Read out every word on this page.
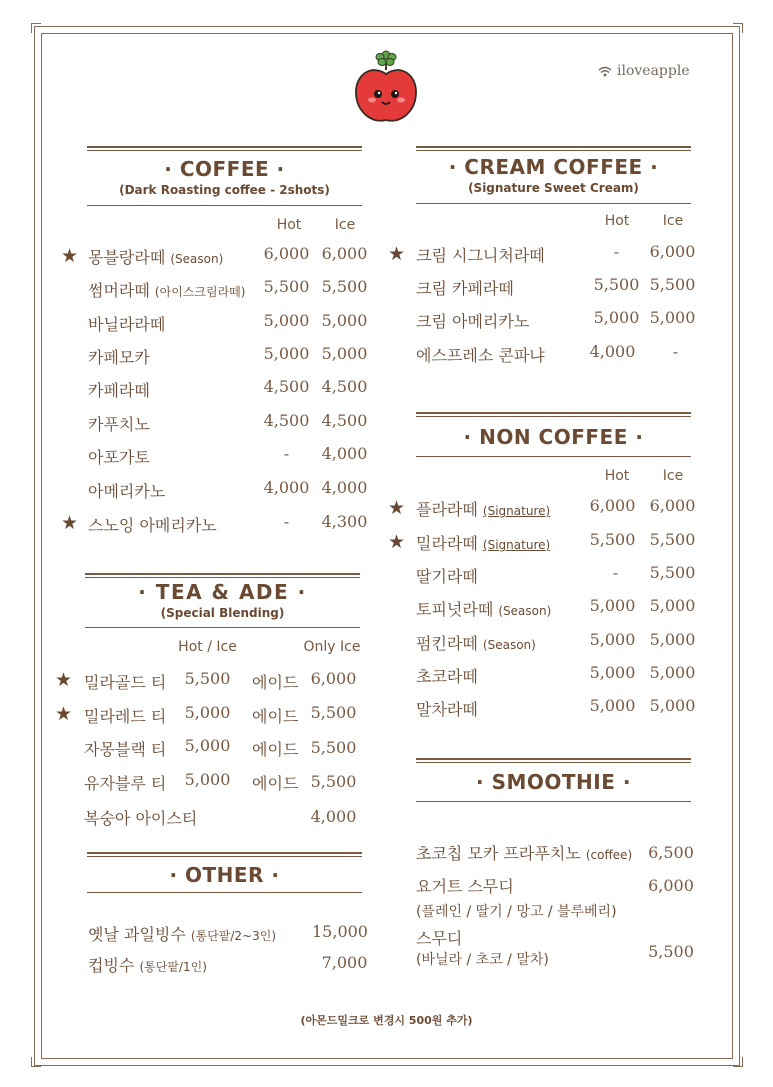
iloveapple
· COFFEE ·
(Dark Roasting coffee - 2shots)
Hot	Ice
★ 몽블랑라떼 (Season)	6,000 6,000
썸머라떼 (아이스크림라떼) 5,500 5,500
바닐라라떼	5,000 5,000
카페모카	5,000 5,000
카페라떼	4,500 4,500
카푸치노	4,500 4,500
아포가토	-	4,000
아메리카노	4,000 4,000
★ 스노잉 아메리카노	-	4,300
· TEA & ADE ·
(Special Blending)
Hot / Ice	Only Ice
★ 밀라골드 티 5,500 에이드 6,000
★ 밀라레드 티 5,000 에이드 5,500
자몽블랙 티 5,000 에이드 5,500
유자블루 티 5,000 에이드 5,500
복숭아 아이스티	4,000
· OTHER ·
옛날 과일빙수 (통단팥/2~3인)	15,000
컵빙수 (통단팥/1인)	7,000
· CREAM COFFEE ·
(Signature Sweet Cream)
Hot	Ice
★ 크림 시그니처라떼	-	6,000
크림 카페라떼	5,500 5,500
크림 아메리카노	5,000 5,000
에스프레소 콘파냐	4,000	-
· NON COFFEE ·
Hot	Ice
★ 플라라떼 (Signature) 6,000 6,000
★ 밀라라떼 (Signature) 5,500 5,500
딸기라떼	-	5,500
토피넛라떼 (Season) 5,000 5,000
펌킨라떼 (Season)	5,000 5,000
초코라떼	5,000 5,000
말차라떼	5,000 5,000
· SMOOTHIE ·
초코칩 모카 프라푸치노 (coffee) 6,500
요거트 스무디	6,000
(플레인 / 딸기 / 망고 / 블루베리)
스무디
(바닐라 / 초코 / 말차)	5,500
(아몬드밀크로 변경시 500원 추가)
